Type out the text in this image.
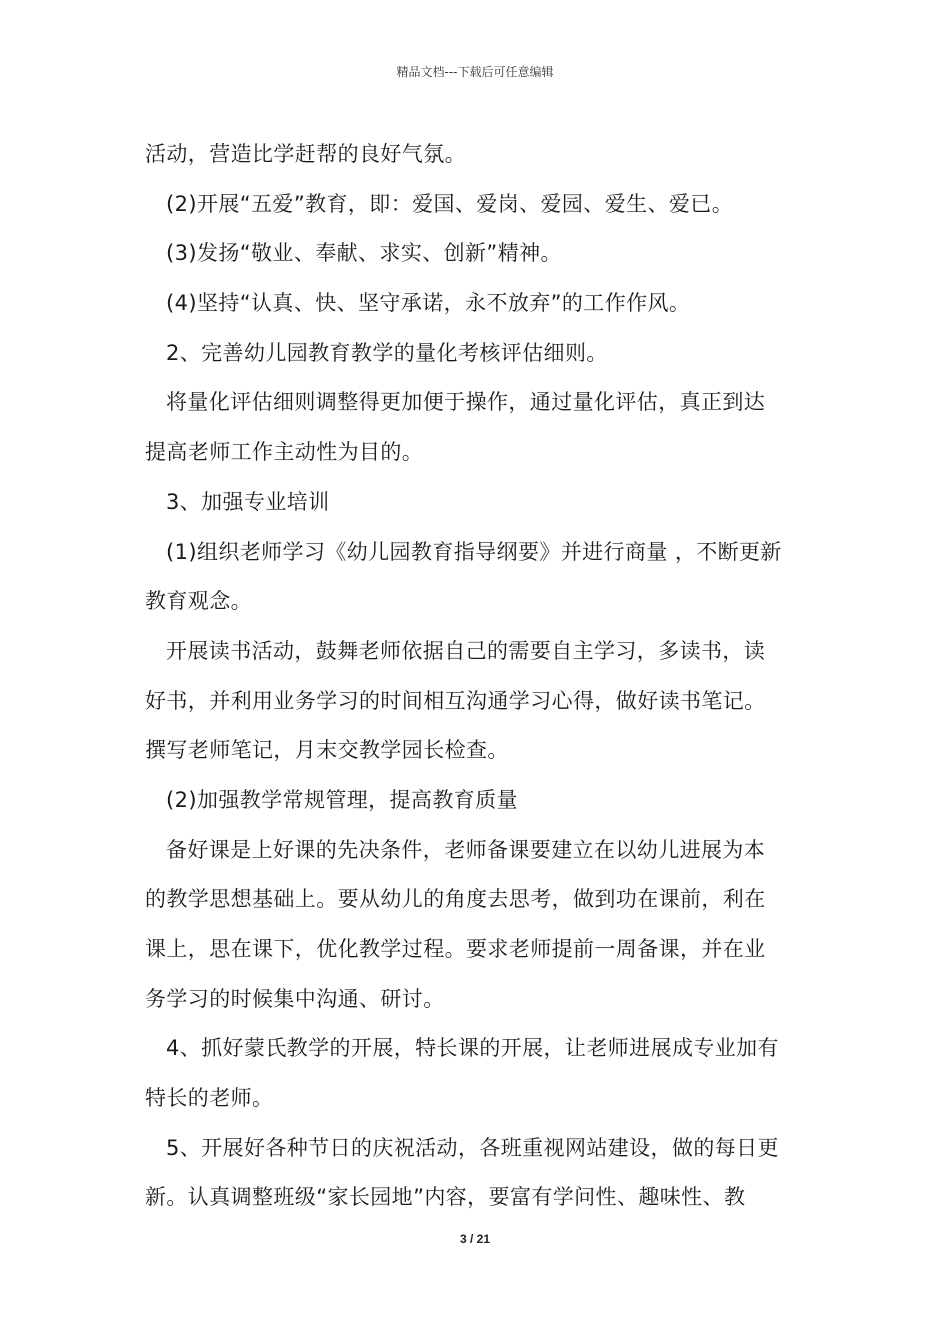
精品文档---下载后可任意编辑
活动，营造比学赶帮的良好气氛。
(2)开展“五爱”教育，即：爱国、爱岗、爱园、爱生、爱已。
(3)发扬“敬业、奉献、求实、创新”精神。
(4)坚持“认真、快、坚守承诺，永不放弃”的工作作风。
2、完善幼儿园教育教学的量化考核评估细则。
将量化评估细则调整得更加便于操作，通过量化评估，真正到达
提高老师工作主动性为目的。
3、加强专业培训
(1)组织老师学习《幼儿园教育指导纲要》并进行商量 ，不断更新
教育观念。
开展读书活动，鼓舞老师依据自己的需要自主学习，多读书，读
好书，并利用业务学习的时间相互沟通学习心得，做好读书笔记。
撰写老师笔记，月末交教学园长检查。
(2)加强教学常规管理，提高教育质量
备好课是上好课的先决条件，老师备课要建立在以幼儿进展为本
的教学思想基础上。要从幼儿的角度去思考，做到功在课前，利在
课上，思在课下，优化教学过程。要求老师提前一周备课，并在业
务学习的时候集中沟通、研讨。
4、抓好蒙氏教学的开展，特长课的开展，让老师进展成专业加有
特长的老师。
5、开展好各种节日的庆祝活动，各班重视网站建设，做的每日更
新。认真调整班级“家长园地”内容，要富有学问性、趣味性、教
3 / 21
